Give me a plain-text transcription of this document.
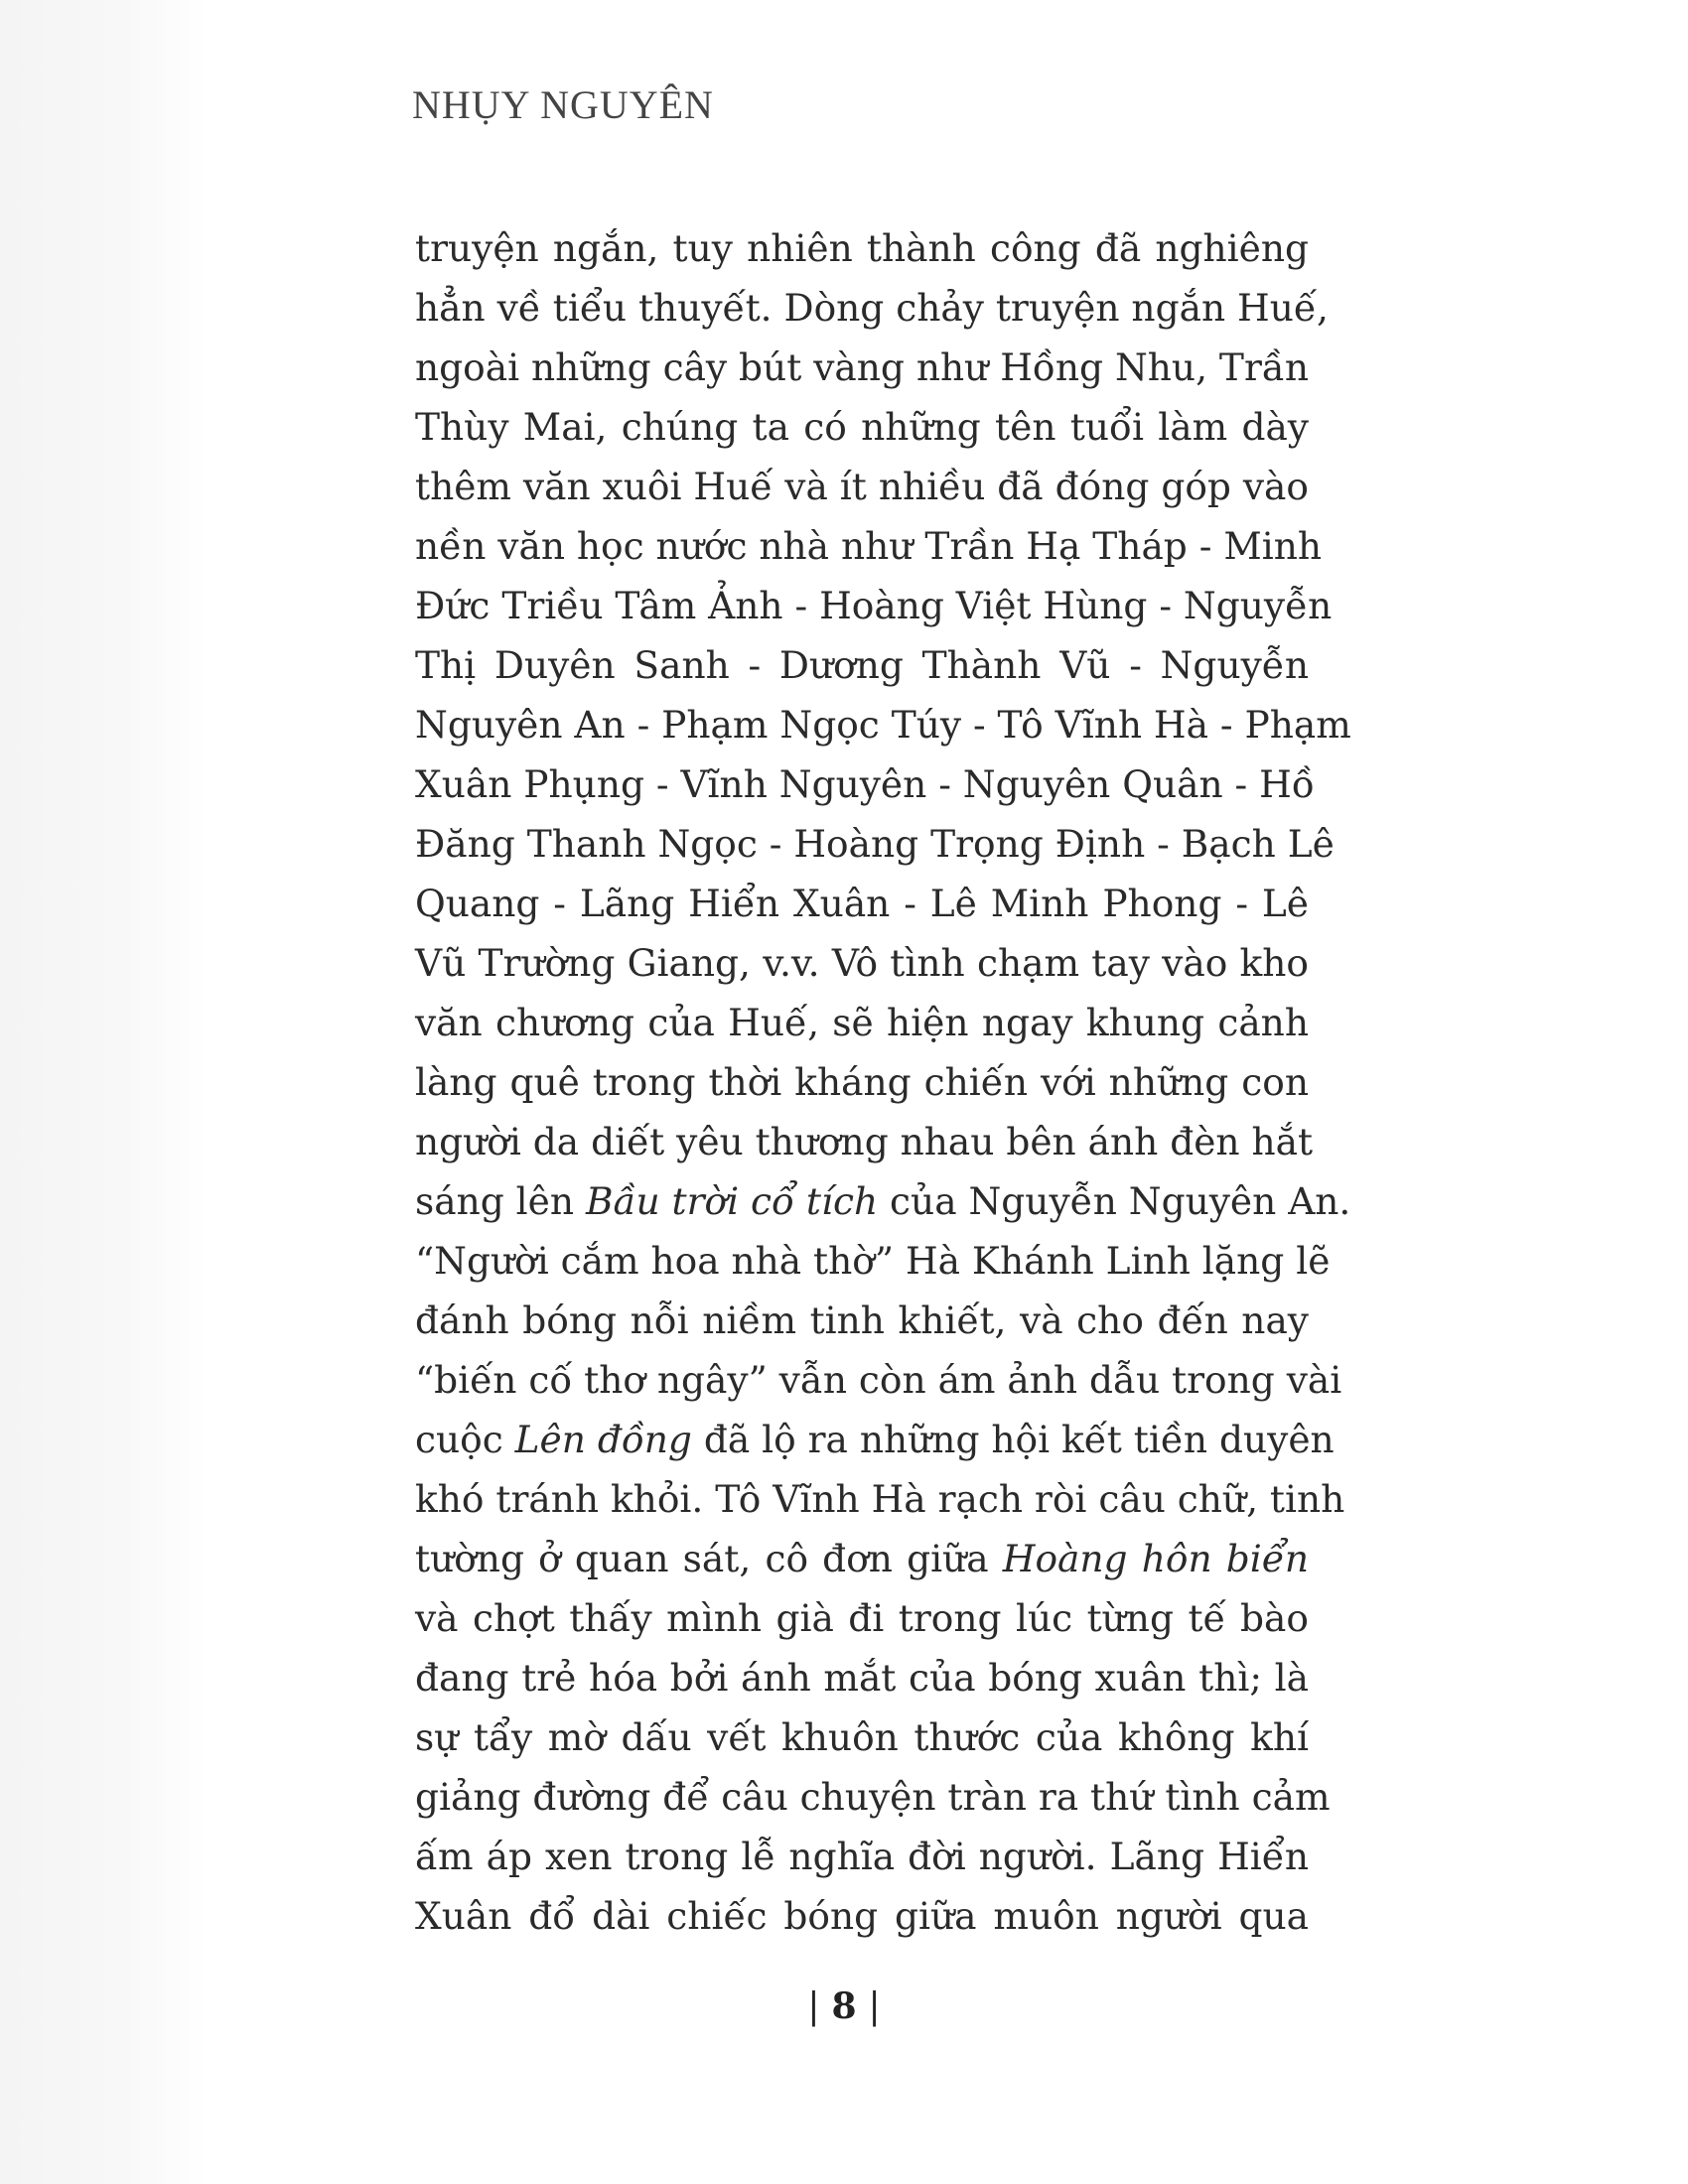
NHỤY NGUYÊN
truyện ngắn, tuy nhiên thành công đã nghiêng
hẳn về tiểu thuyết. Dòng chảy truyện ngắn Huế,
ngoài những cây bút vàng như Hồng Nhu, Trần
Thùy Mai, chúng ta có những tên tuổi làm dày
thêm văn xuôi Huế và ít nhiều đã đóng góp vào
nền văn học nước nhà như Trần Hạ Tháp - Minh
Đức Triều Tâm Ảnh - Hoàng Việt Hùng - Nguyễn
Thị Duyên Sanh - Dương Thành Vũ - Nguyễn
Nguyên An - Phạm Ngọc Túy - Tô Vĩnh Hà - Phạm
Xuân Phụng - Vĩnh Nguyên - Nguyên Quân - Hồ
Đăng Thanh Ngọc - Hoàng Trọng Định - Bạch Lê
Quang - Lãng Hiển Xuân - Lê Minh Phong - Lê
Vũ Trường Giang, v.v. Vô tình chạm tay vào kho
văn chương của Huế, sẽ hiện ngay khung cảnh
làng quê trong thời kháng chiến với những con
người da diết yêu thương nhau bên ánh đèn hắt
sáng lên Bầu trời cổ tích của Nguyễn Nguyên An.
“Người cắm hoa nhà thờ” Hà Khánh Linh lặng lẽ
đánh bóng nỗi niềm tinh khiết, và cho đến nay
“biến cố thơ ngây” vẫn còn ám ảnh dẫu trong vài
cuộc Lên đồng đã lộ ra những hội kết tiền duyên
khó tránh khỏi. Tô Vĩnh Hà rạch ròi câu chữ, tinh
tường ở quan sát, cô đơn giữa Hoàng hôn biển
và chợt thấy mình già đi trong lúc từng tế bào
đang trẻ hóa bởi ánh mắt của bóng xuân thì; là
sự tẩy mờ dấu vết khuôn thước của không khí
giảng đường để câu chuyện tràn ra thứ tình cảm
ấm áp xen trong lễ nghĩa đời người. Lãng Hiển
Xuân đổ dài chiếc bóng giữa muôn người qua
| 8 |
